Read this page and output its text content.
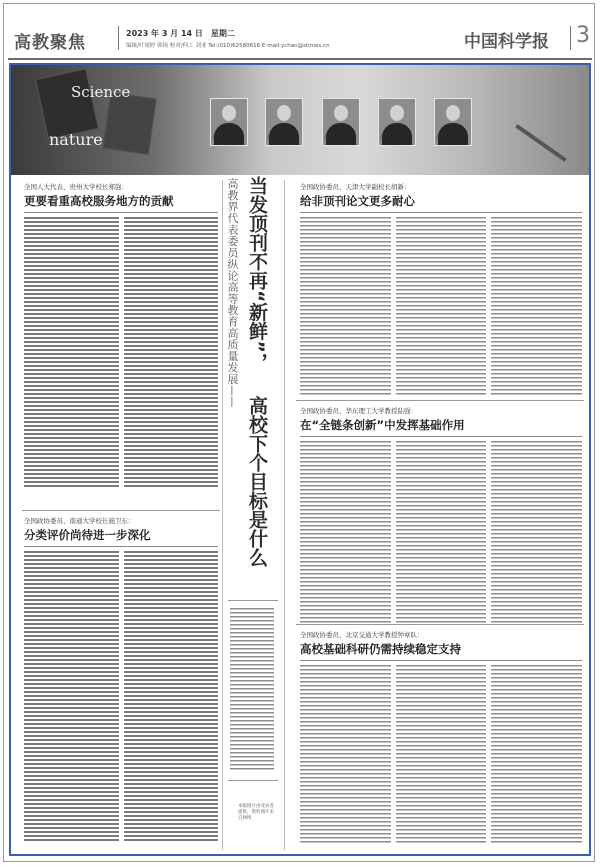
高教聚焦	2023 年 3 月 14 日　星期二
编辑/叶雨婷 韩扬 校对/何工 刘亚 Tel:(010)62580616 E-mail:ychan@stimes.cn	中国科学报 3
Science
nature
全国人大代表、贵州大学校长郑强：
更要看重高校服务地方的贡献
全国政协委员、南通大学校长施卫东：
分类评价尚待进一步深化
当发顶刊不再“新鲜”，
高校下个目标是什么
高教界代表委员纵论高等教育高质量发展——
本版图片由受访者提供，资料图片来自网络
全国政协委员、天津大学副校长胡新：
给非顶刊论文更多耐心
全国政协委员、华东理工大学教授陆强：
在“全链条创新”中发挥基础作用
全国政协委员、北京交通大学教授钟章队：
高校基础科研仍需持续稳定支持
代表	委员	委员	委员	委员
